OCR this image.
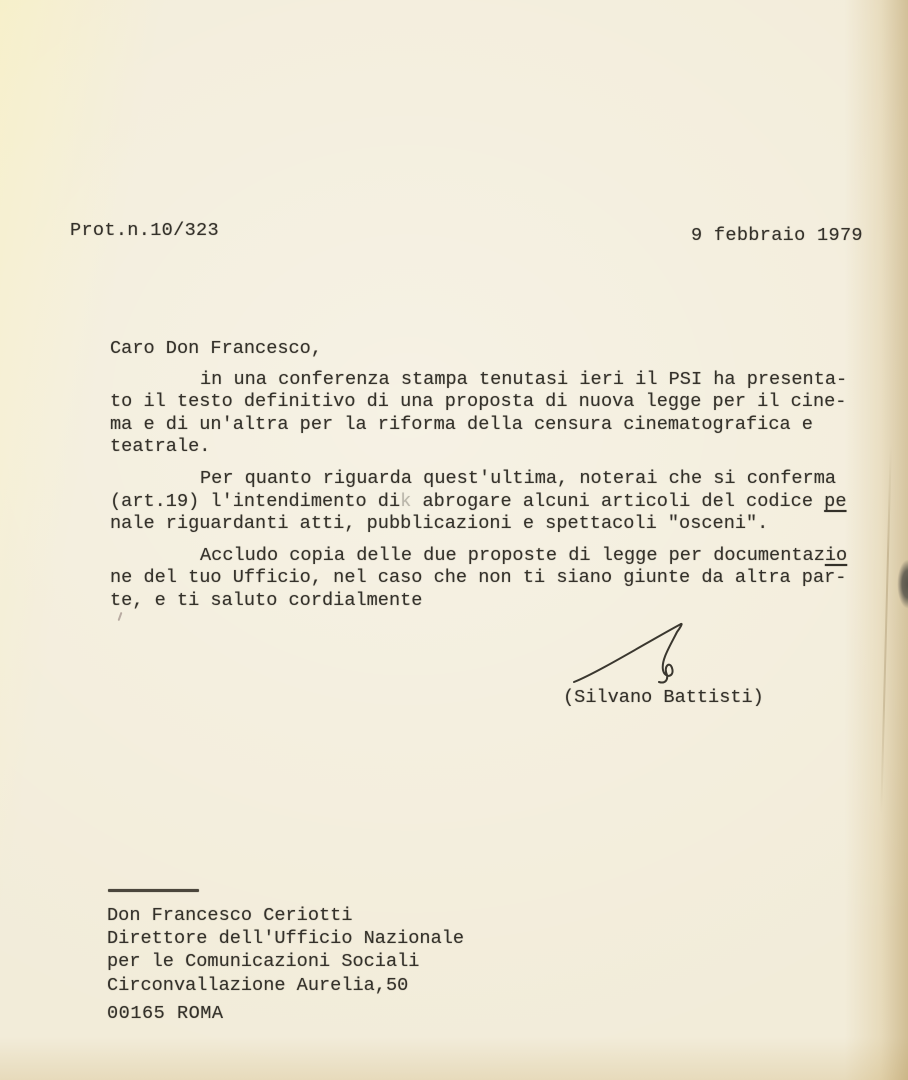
Prot.n.10/323	9 febbraio 1979
Caro Don Francesco,
in una conferenza stampa tenutasi ieri il PSI ha presenta-
to il testo definitivo di una proposta di nuova legge per il cine-
ma e di un'altra per la riforma della censura cinematografica e
teatrale.
Per quanto riguarda quest'ultima, noterai che si conferma
(art.19) l'intendimento dik abrogare alcuni articoli del codice pe
nale riguardanti atti, pubblicazioni e spettacoli "osceni".
Accludo copia delle due proposte di legge per documentazio
ne del tuo Ufficio, nel caso che non ti siano giunte da altra par-
te, e ti saluto cordialmente
(Silvano Battisti)
Don Francesco Ceriotti
Direttore dell'Ufficio Nazionale
per le Comunicazioni Sociali
Circonvallazione Aurelia,50
00165 ROMA
